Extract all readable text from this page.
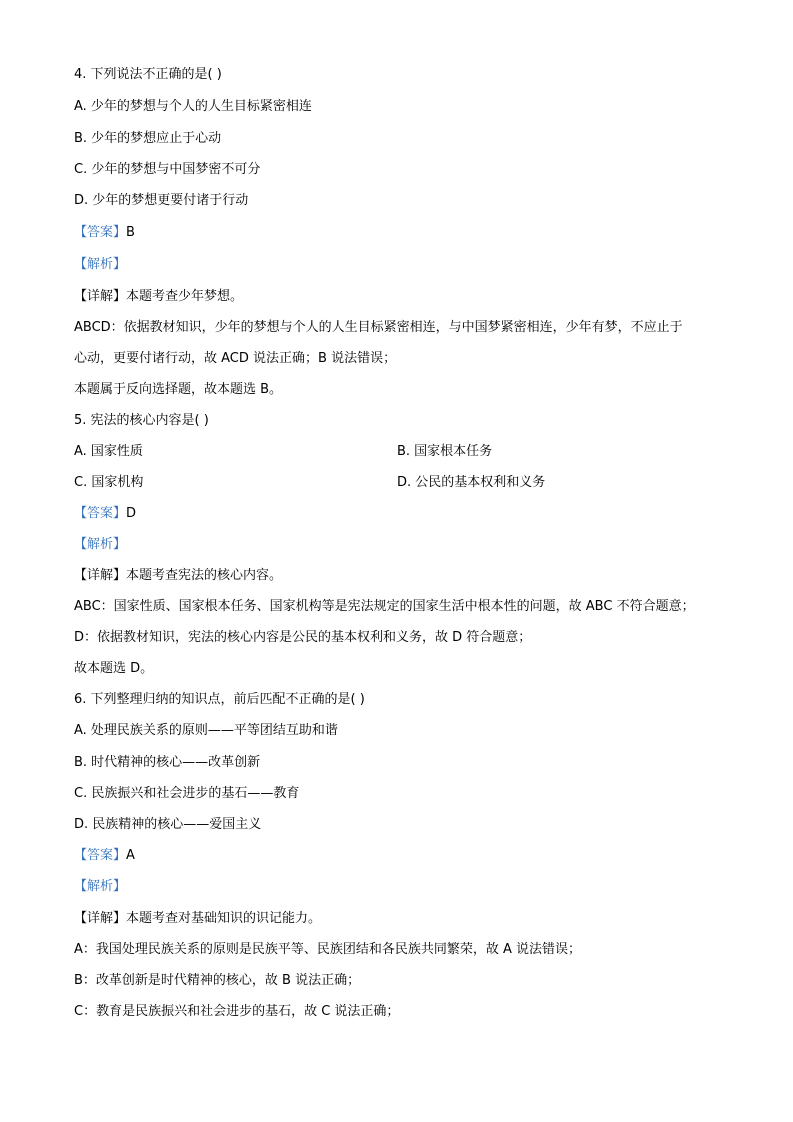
4. 下列说法不正确的是( )
A. 少年的梦想与个人的人生目标紧密相连
B. 少年的梦想应止于心动
C. 少年的梦想与中国梦密不可分
D. 少年的梦想更要付诸于行动
【答案】B
【解析】
【详解】本题考查少年梦想。
ABCD：依据教材知识，少年的梦想与个人的人生目标紧密相连，与中国梦紧密相连，少年有梦，不应止于
心动，更要付诸行动，故 ACD 说法正确；B 说法错误；
本题属于反向选择题，故本题选 B。
5. 宪法的核心内容是( )
A. 国家性质	B. 国家根本任务
C. 国家机构	D. 公民的基本权利和义务
【答案】D
【解析】
【详解】本题考查宪法的核心内容。
ABC：国家性质、国家根本任务、国家机构等是宪法规定的国家生活中根本性的问题，故 ABC 不符合题意；
D：依据教材知识，宪法的核心内容是公民的基本权利和义务，故 D 符合题意；
故本题选 D。
6. 下列整理归纳的知识点，前后匹配不正确的是( )
A. 处理民族关系的原则——平等团结互助和谐
B. 时代精神的核心——改革创新
C. 民族振兴和社会进步的基石——教育
D. 民族精神的核心——爱国主义
【答案】A
【解析】
【详解】本题考查对基础知识的识记能力。
A：我国处理民族关系的原则是民族平等、民族团结和各民族共同繁荣，故 A 说法错误；
B：改革创新是时代精神的核心，故 B 说法正确；
C：教育是民族振兴和社会进步的基石，故 C 说法正确；
